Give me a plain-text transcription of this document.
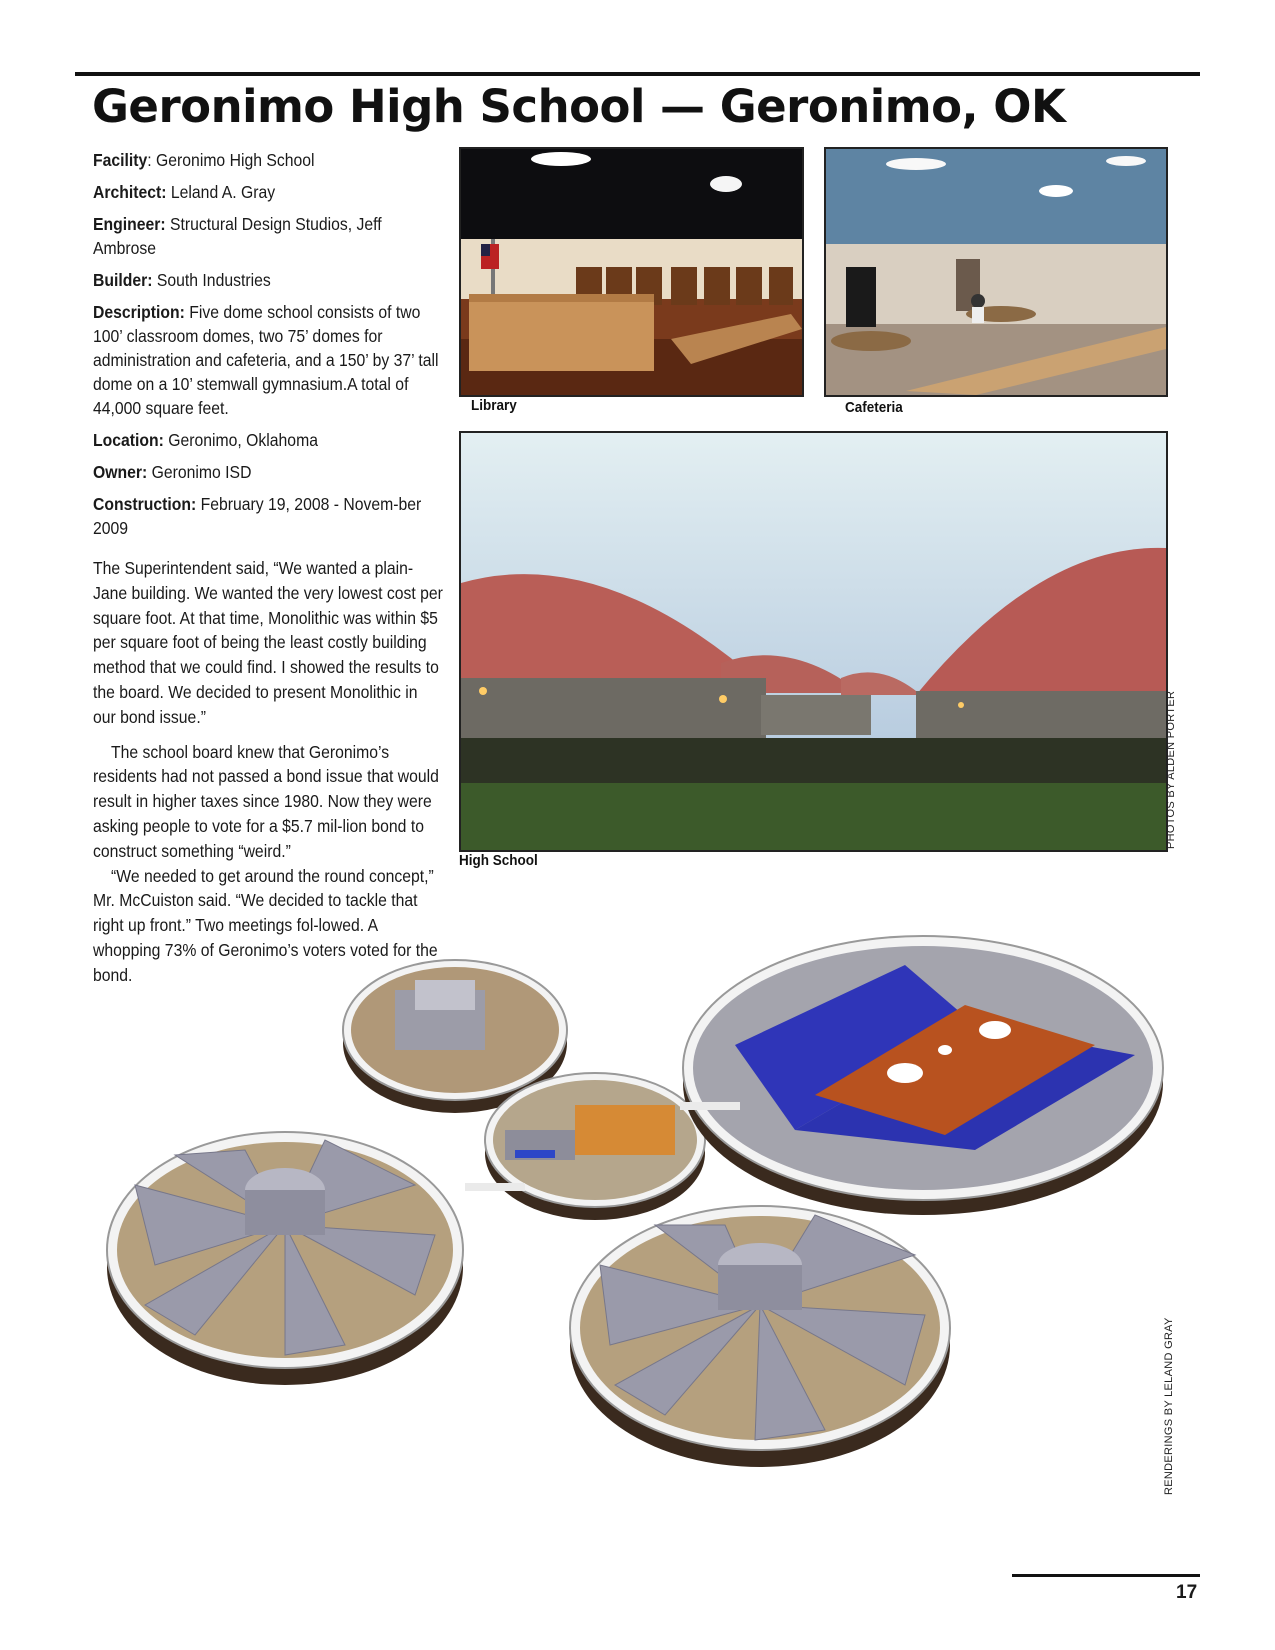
Geronimo High School — Geronimo, OK

Facility: Geronimo High School

Architect: Leland A. Gray

Engineer: Structural Design Studios, Jeff Ambrose

Builder: South Industries

Description: Five dome school consists of two 100’ classroom domes, two 75’ domes for administration and cafeteria, and a 150’ by 37’ tall dome on a 10’ stemwall gymnasium.A total of 44,000 square feet.

Location: Geronimo, Oklahoma

Owner: Geronimo ISD

Construction: February 19, 2008 - Novem-ber 2009

The Superintendent said, “We wanted a plain-Jane building. We wanted the very lowest cost per square foot. At that time, Monolithic was within $5 per square foot of being the least costly building method that we could find. I showed the results to the board. We decided to present Monolithic in our bond issue.”

The school board knew that Geronimo’s residents had not passed a bond issue that would result in higher taxes since 1980. Now they were asking people to vote for a $5.7 mil-lion bond to construct something “weird.”

“We needed to get around the round concept,” Mr. McCuiston said. “We decided to tackle that right up front.” Two meetings fol-lowed. A whopping 73% of Geronimo’s voters voted for the bond.

Library	Cafeteria
High School
PHOTOS BY ALDEN PORTER
RENDERINGS BY LELAND GRAY
17
